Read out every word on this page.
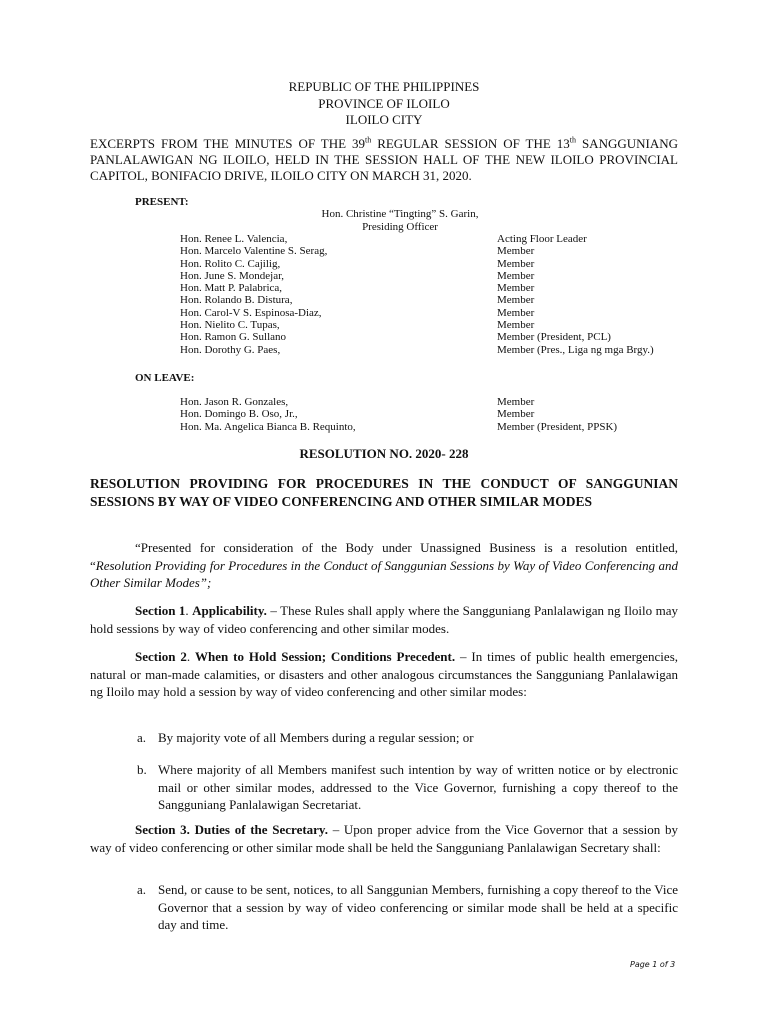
REPUBLIC OF THE PHILIPPINES
PROVINCE OF ILOILO
ILOILO CITY
EXCERPTS FROM THE MINUTES OF THE 39th REGULAR SESSION OF THE 13th SANGGUNIANG PANLALAWIGAN NG ILOILO, HELD IN THE SESSION HALL OF THE NEW ILOILO PROVINCIAL CAPITOL, BONIFACIO DRIVE, ILOILO CITY ON MARCH 31, 2020.
PRESENT:
Hon. Christine “Tingting” S. Garin,
Presiding Officer
Hon. Renee L. Valencia,	Acting Floor Leader
Hon. Marcelo Valentine S. Serag,	Member
Hon. Rolito C. Cajilig,	Member
Hon. June S. Mondejar,	Member
Hon. Matt P. Palabrica,	Member
Hon. Rolando B. Distura,	Member
Hon. Carol-V S. Espinosa-Diaz,	Member
Hon. Nielito C. Tupas,	Member
Hon. Ramon G. Sullano	Member (President, PCL)
Hon. Dorothy G. Paes,	Member (Pres., Liga ng mga Brgy.)
ON LEAVE:
Hon. Jason R. Gonzales,	Member
Hon. Domingo B. Oso, Jr.,	Member
Hon. Ma. Angelica Bianca B. Requinto,	Member (President, PPSK)
RESOLUTION NO. 2020- 228
RESOLUTION PROVIDING FOR PROCEDURES IN THE CONDUCT OF SANGGUNIAN SESSIONS BY WAY OF VIDEO CONFERENCING AND OTHER SIMILAR MODES
“Presented for consideration of the Body under Unassigned Business is a resolution entitled, “Resolution Providing for Procedures in the Conduct of Sanggunian Sessions by Way of Video Conferencing and Other Similar Modes”;
Section 1. Applicability. – These Rules shall apply where the Sangguniang Panlalawigan ng Iloilo may hold sessions by way of video conferencing and other similar modes.
Section 2. When to Hold Session; Conditions Precedent. – In times of public health emergencies, natural or man-made calamities, or disasters and other analogous circumstances the Sangguniang Panlalawigan ng Iloilo may hold a session by way of video conferencing and other similar modes:
a. By majority vote of all Members during a regular session; or
b. Where majority of all Members manifest such intention by way of written notice or by electronic mail or other similar modes, addressed to the Vice Governor, furnishing a copy thereof to the Sangguniang Panlalawigan Secretariat.
Section 3. Duties of the Secretary. – Upon proper advice from the Vice Governor that a session by way of video conferencing or other similar mode shall be held the Sangguniang Panlalawigan Secretary shall:
a. Send, or cause to be sent, notices, to all Sanggunian Members, furnishing a copy thereof to the Vice Governor that a session by way of video conferencing or similar mode shall be held at a specific day and time.
Page 1 of 3
